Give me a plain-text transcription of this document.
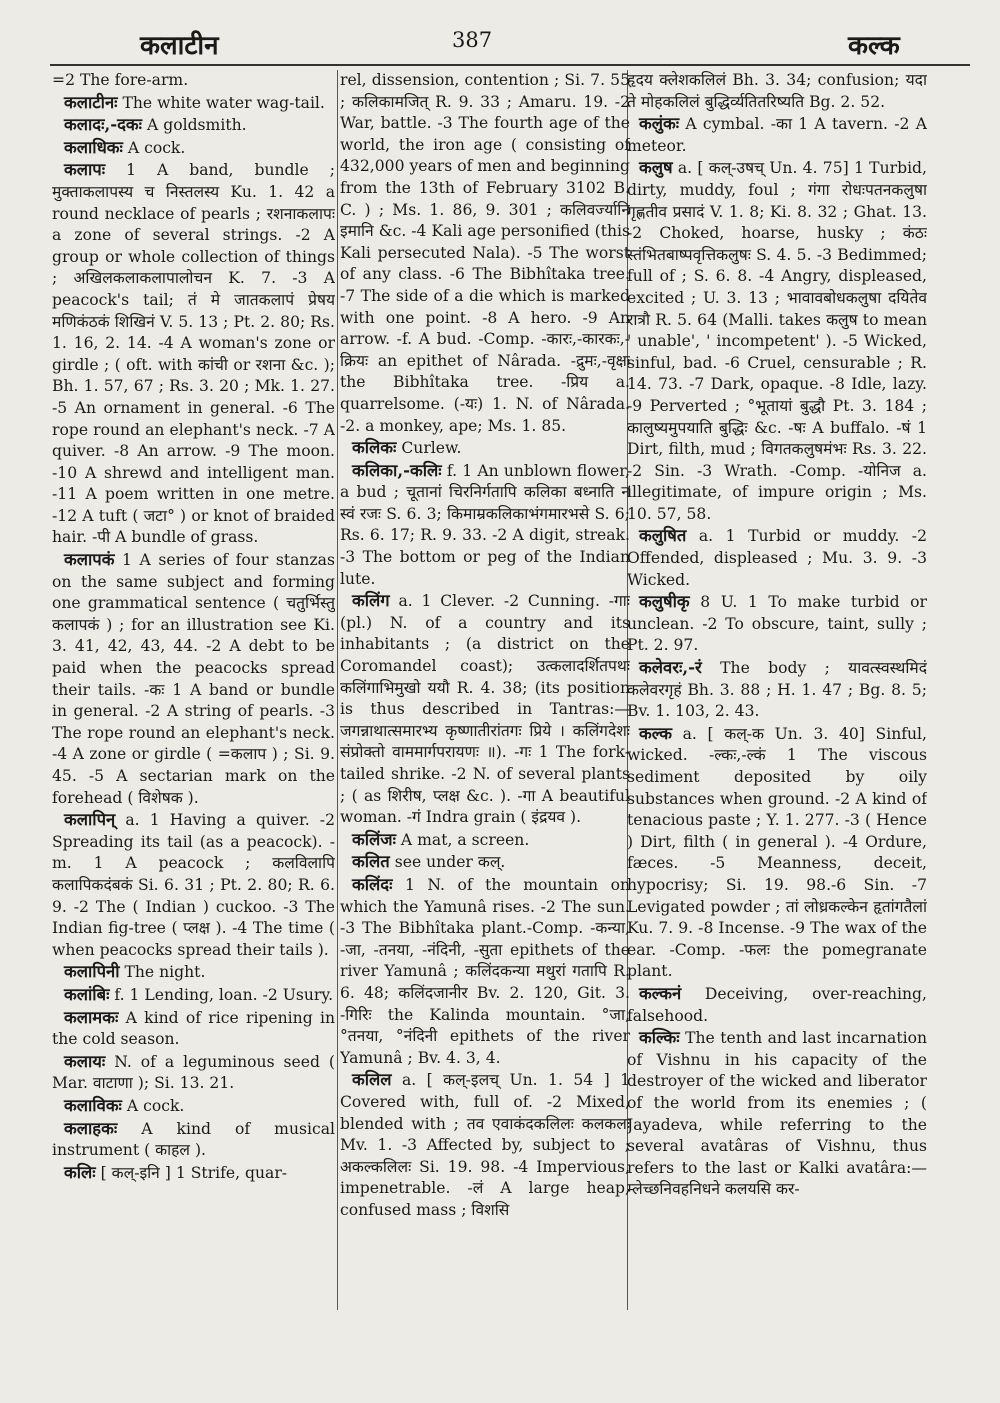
कलाटीन	387	कल्क

=2 The fore-arm.

कलाटीनः The white water wag-tail.

कलादः,-दकः A goldsmith.

कलाधिकः A cock.

कलापः 1 A band, bundle ; मुक्ताकलापस्य च निस्तलस्य Ku. 1. 42 a round necklace of pearls ; रशनाकलापः a zone of several strings. -2 A group or whole collection of things ; अखिलकलाकलापालोचन K. 7. -3 A peacock's tail; तं मे जातकलापं प्रेषय मणिकंठकं शिखिनं V. 5. 13 ; Pt. 2. 80; Rs. 1. 16, 2. 14. -4 A woman's zone or girdle ; ( oft. with कांची or रशना &c. ); Bh. 1. 57, 67 ; Rs. 3. 20 ; Mk. 1. 27. -5 An ornament in general. -6 The rope round an elephant's neck. -7 A quiver. -8 An arrow. -9 The moon. -10 A shrewd and intelligent man. -11 A poem written in one metre. -12 A tuft ( जटा° ) or knot of braided hair. -पी A bundle of grass.

कलापकं 1 A series of four stanzas on the same subject and forming one grammatical sentence ( चतुर्भिस्तु कलापकं ) ; for an illustration see Ki. 3. 41, 42, 43, 44. -2 A debt to be paid when the peacocks spread their tails. -कः 1 A band or bundle in general. -2 A string of pearls. -3 The rope round an elephant's neck. -4 A zone or girdle ( =कलाप ) ; Si. 9. 45. -5 A sectarian mark on the forehead ( विशेषक ).

कलापिन् a. 1 Having a quiver. -2 Spreading its tail (as a peacock). -m. 1 A peacock ; कलविलापि कलापिकदंबकं Si. 6. 31 ; Pt. 2. 80; R. 6. 9. -2 The ( Indian ) cuckoo. -3 The Indian fig-tree ( प्लक्ष ). -4 The time ( when peacocks spread their tails ).

कलापिनी The night.

कलांबिः f. 1 Lending, loan. -2 Usury.

कलामकः A kind of rice ripening in the cold season.

कलायः N. of a leguminous seed ( Mar. वाटाणा ); Si. 13. 21.

कलाविकः A cock.

कलाहकः A kind of musical instrument ( काहल ).

कलिः [ कल्-इनि ] 1 Strife, quar-

rel, dissension, contention ; Si. 7. 55 ; कलिकामजित् R. 9. 33 ; Amaru. 19. -2 War, battle. -3 The fourth age of the world, the iron age ( consisting of 432,000 years of men and beginning from the 13th of February 3102 B. C. ) ; Ms. 1. 86, 9. 301 ; कलिवर्ज्यानि इमानि &c. -4 Kali age personified (this Kali persecuted Nala). -5 The worst of any class. -6 The Bibhîtaka tree. -7 The side of a die which is marked with one point. -8 A hero. -9 An arrow. -f. A bud. -Comp. -कारः,-कारकः,-क्रियः an epithet of Nârada. -द्रुमः,-वृक्षः the Bibhîtaka tree. -प्रिय a. quarrelsome. (-यः) 1. N. of Nârada. -2. a monkey, ape; Ms. 1. 85.

कलिकः Curlew.

कलिका,-कलिः f. 1 An unblown flower, a bud ; चूतानां चिरनिर्गतापि कलिका बध्नाति न स्वं रजः S. 6. 3; किमाम्रकलिकाभंगमारभसे S. 6; Rs. 6. 17; R. 9. 33. -2 A digit, streak. -3 The bottom or peg of the Indian lute.

कलिंग a. 1 Clever. -2 Cunning. -गाः (pl.) N. of a country and its inhabitants ; (a district on the Coromandel coast); उत्कलादर्शितपथः कलिंगाभिमुखो ययौ R. 4. 38; (its position is thus described in Tantras:—जगन्नाथात्समारभ्य कृष्णातीरांतगः प्रिये । कलिंगदेशः संप्रोक्तो वाममार्गपरायणः ॥). -गः 1 The fork-tailed shrike. -2 N. of several plants ; ( as शिरीष, प्लक्ष &c. ). -गा A beautiful woman. -गं Indra grain ( इंद्रयव ).

कलिंजः A mat, a screen.

कलित see under कल्.

कलिंदः 1 N. of the mountain on which the Yamunâ rises. -2 The sun. -3 The Bibhîtaka plant.-Comp. -कन्या, -जा, -तनया, -नंदिनी, -सुता epithets of the river Yamunâ ; कलिंदकन्या मथुरां गतापि R. 6. 48; कलिंदजानीर Bv. 2. 120, Git. 3. -गिरिः the Kalinda mountain. °जा, °तनया, °नंदिनी epithets of the river Yamunâ ; Bv. 4. 3, 4.

कलिल a. [ कल्-इलच् Un. 1. 54 ] 1 Covered with, full of. -2 Mixed, blended with ; तव एवाकंदकलिलः कलकलः Mv. 1. -3 Affected by, subject to ; अकल्कलिलः Si. 19. 98. -4 Impervious, impenetrable. -लं A large heap, confused mass ; विशसि

हृदय क्लेशकलिलं Bh. 3. 34; confusion; यदा ते मोहकलिलं बुद्धिर्व्यतितरिष्यति Bg. 2. 52.

कलुंकः A cymbal. -का 1 A tavern. -2 A meteor.

कलुष a. [ कल्-उषच् Un. 4. 75] 1 Turbid, dirty, muddy, foul ; गंगा रोधःपतनकलुषा गृह्णतीव प्रसादं V. 1. 8; Ki. 8. 32 ; Ghat. 13. -2 Choked, hoarse, husky ; कंठः स्तंभितबाष्पवृत्तिकलुषः S. 4. 5. -3 Bedimmed; full of ; S. 6. 8. -4 Angry, displeased, excited ; U. 3. 13 ; भावावबोधकलुषा दयितेव रात्रौ R. 5. 64 (Malli. takes कलुष to mean ' unable', ' incompetent' ). -5 Wicked, sinful, bad. -6 Cruel, censurable ; R. 14. 73. -7 Dark, opaque. -8 Idle, lazy. -9 Perverted ; °भूतायां बुद्धौ Pt. 3. 184 ; कालुष्यमुपयाति बुद्धिः &c. -षः A buffalo. -षं 1 Dirt, filth, mud ; विगतकलुषमंभः Rs. 3. 22. -2 Sin. -3 Wrath. -Comp. -योनिज a. illegitimate, of impure origin ; Ms. 10. 57, 58.

कलुषित a. 1 Turbid or muddy. -2 Offended, displeased ; Mu. 3. 9. -3 Wicked.

कलुषीकृ 8 U. 1 To make turbid or unclean. -2 To obscure, taint, sully ; Pt. 2. 97.

कलेवरः,-रं The body ; यावत्स्वस्थमिदं कलेवरगृहं Bh. 3. 88 ; H. 1. 47 ; Bg. 8. 5; Bv. 1. 103, 2. 43.

कल्क a. [ कल्-क Un. 3. 40] Sinful, wicked. -ल्कः,-ल्कं 1 The viscous sediment deposited by oily substances when ground. -2 A kind of tenacious paste ; Y. 1. 277. -3 ( Hence ) Dirt, filth ( in general ). -4 Ordure, fæces. -5 Meanness, deceit, hypocrisy; Si. 19. 98.-6 Sin. -7 Levigated powder ; तां लोध्रकल्केन हृतांगतैलां Ku. 7. 9. -8 Incense. -9 The wax of the ear. -Comp. -फलः the pomegranate plant.

कल्कनं Deceiving, over-reaching, falsehood.

कल्किः The tenth and last incarnation of Vishnu in his capacity of the destroyer of the wicked and liberator of the world from its enemies ; ( Jayadeva, while referring to the several avatâras of Vishnu, thus refers to the last or Kalki avatâra:—म्लेच्छनिवहनिधने कलयसि कर-
